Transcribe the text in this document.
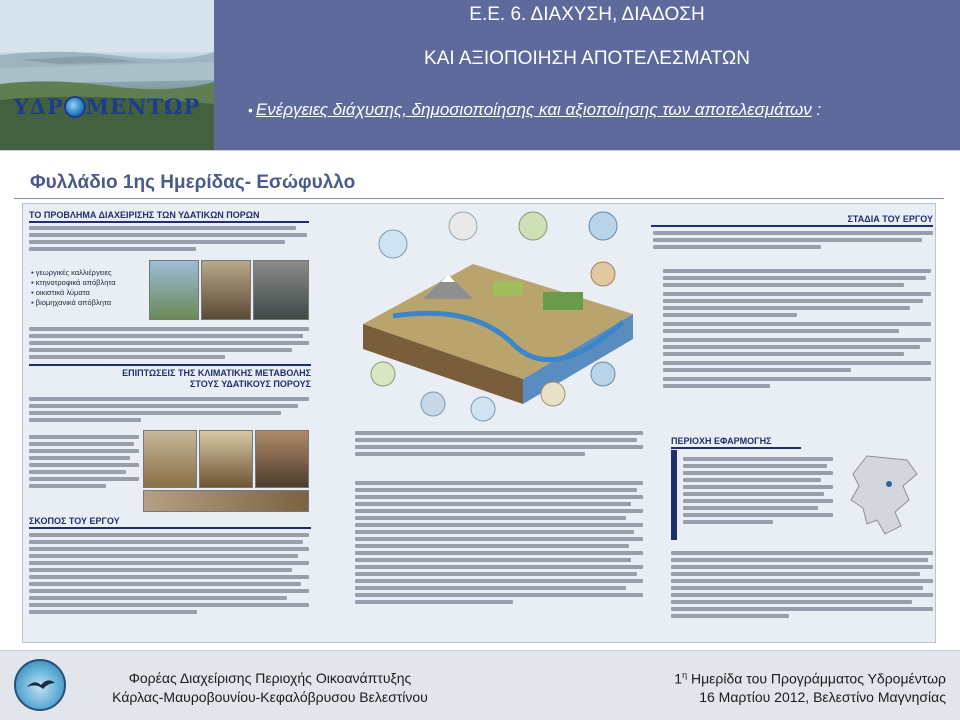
ΥΔΡ ΜΕΝΤΩΡ
Ε.Ε. 6. ΔΙΑΧΥΣΗ, ΔΙΑΔΟΣΗ
ΚΑΙ ΑΞΙΟΠΟΙΗΣΗ ΑΠΟΤΕΛΕΣΜΑΤΩΝ
• Ενέργειες διάχυσης, δημοσιοποίησης και αξιοποίησης των αποτελεσμάτων :
Φυλλάδιο 1ης Ημερίδας- Εσώφυλλο
ΤΟ ΠΡΟΒΛΗΜΑ ΔΙΑΧΕΙΡΙΣΗΣ ΤΩΝ ΥΔΑΤΙΚΩΝ ΠΟΡΩΝ
▪ γεωργικές καλλιέργειες
▪ κτηνοτροφικά απόβλητα
▪ οικιστικά λύματα
▪ βιομηχανικά απόβλητα
ΕΠΙΠΤΩΣΕΙΣ ΤΗΣ ΚΛΙΜΑΤΙΚΗΣ ΜΕΤΑΒΟΛΗΣ
ΣΤΟΥΣ ΥΔΑΤΙΚΟΥΣ ΠΟΡΟΥΣ
ΣΚΟΠΟΣ ΤΟΥ ΕΡΓΟΥ
ΣΤΑΔΙΑ ΤΟΥ ΕΡΓΟΥ
ΠΕΡΙΟΧΗ ΕΦΑΡΜΟΓΗΣ
Φορέας Διαχείρισης Περιοχής Οικοανάπτυξης
Κάρλας-Μαυροβουνίου-Κεφαλόβρυσου Βελεστίνου
$1^\eta$ Ημερίδα του Προγράμματος Υδρομέντωρ
16 Μαρτίου 2012, Βελεστίνο Μαγνησίας
